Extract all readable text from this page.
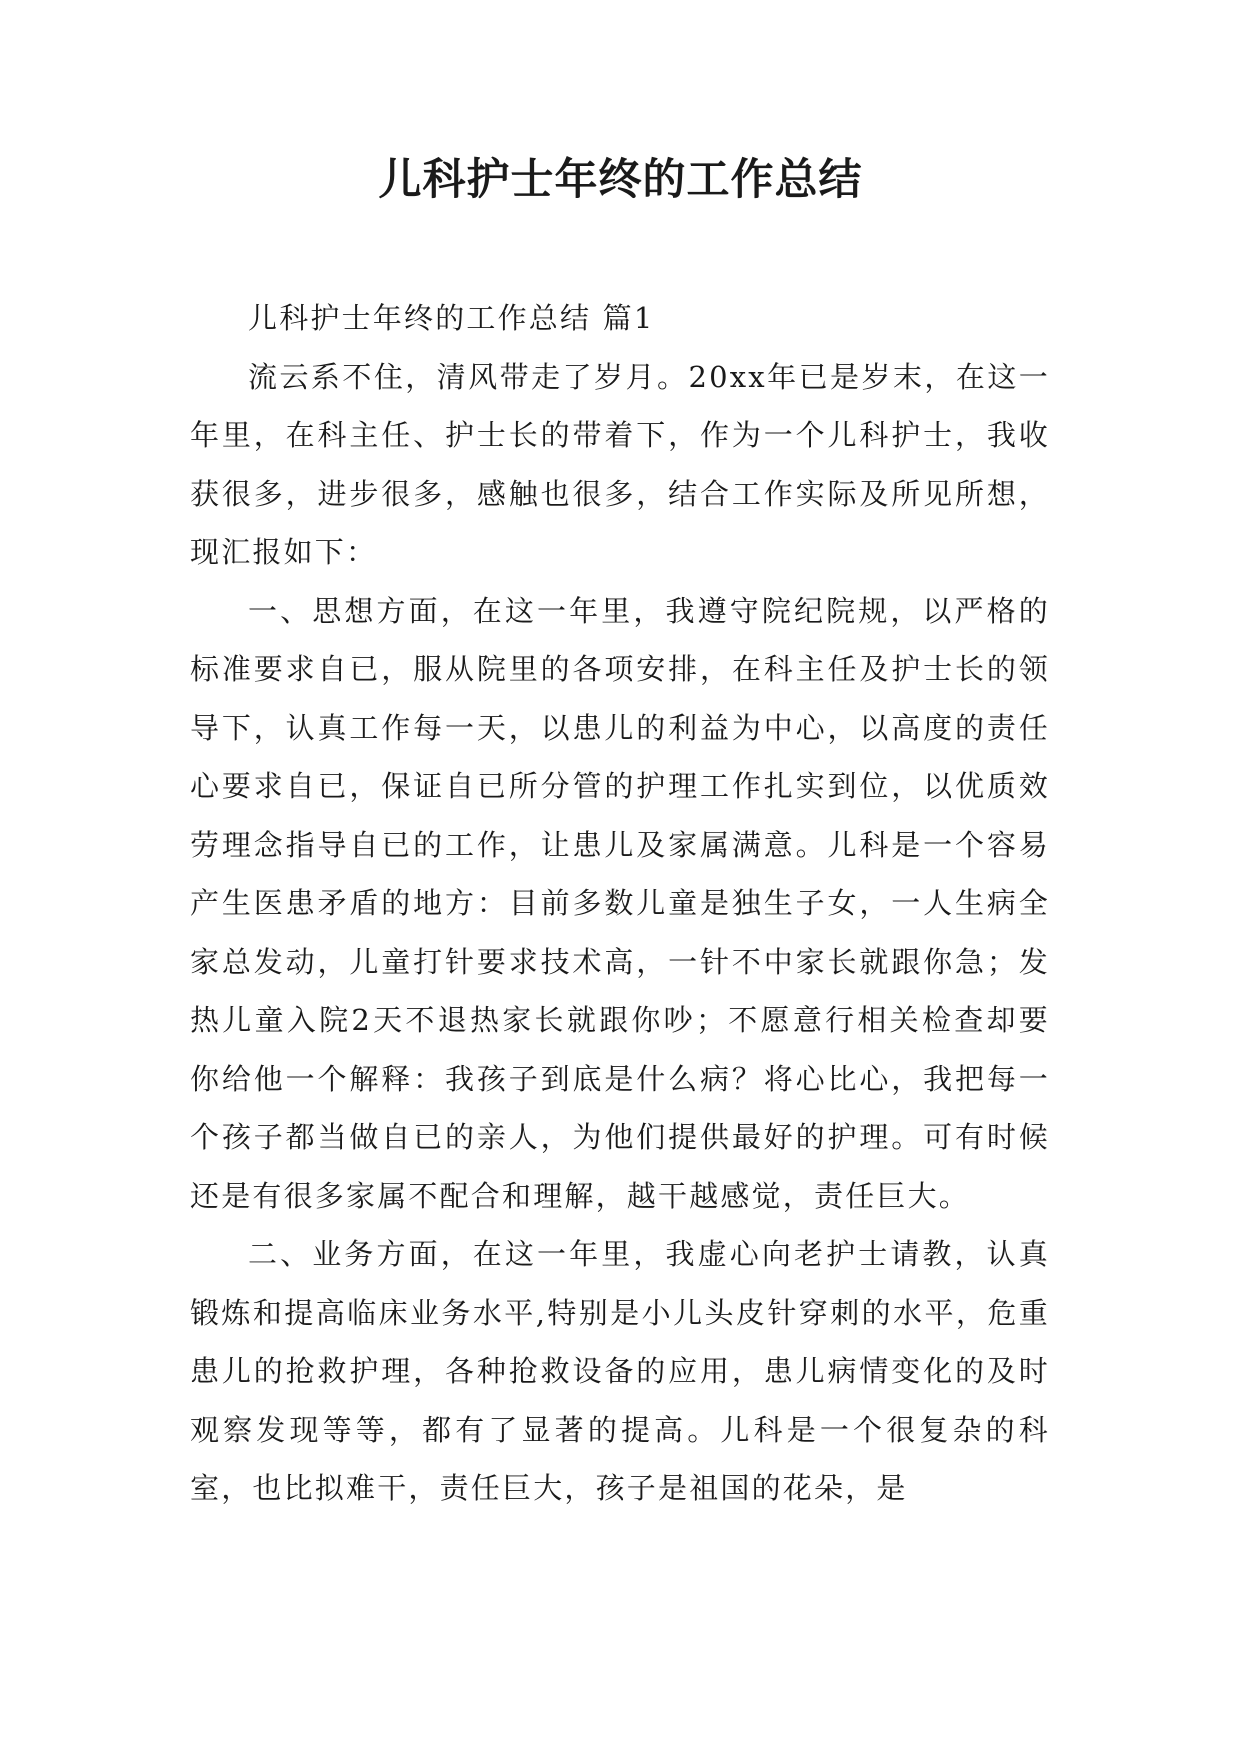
儿科护士年终的工作总结

儿科护士年终的工作总结 篇1

流云系不住，清风带走了岁月。20xx年已是岁末，在这一年里，在科主任、护士长的带着下，作为一个儿科护士，我收获很多，进步很多，感触也很多，结合工作实际及所见所想，现汇报如下：

一、思想方面，在这一年里，我遵守院纪院规，以严格的标准要求自已，服从院里的各项安排，在科主任及护士长的领导下，认真工作每一天，以患儿的利益为中心，以高度的责任心要求自已，保证自已所分管的护理工作扎实到位，以优质效劳理念指导自已的工作，让患儿及家属满意。儿科是一个容易产生医患矛盾的地方：目前多数儿童是独生子女，一人生病全家总发动，儿童打针要求技术高，一针不中家长就跟你急；发热儿童入院2天不退热家长就跟你吵；不愿意行相关检查却要你给他一个解释：我孩子到底是什么病？将心比心，我把每一个孩子都当做自已的亲人，为他们提供最好的护理。可有时候还是有很多家属不配合和理解，越干越感觉，责任巨大。

二、业务方面，在这一年里，我虚心向老护士请教，认真锻炼和提高临床业务水平,特别是小儿头皮针穿刺的水平，危重患儿的抢救护理，各种抢救设备的应用，患儿病情变化的及时观察发现等等，都有了显著的提高。儿科是一个很复杂的科室，也比拟难干，责任巨大，孩子是祖国的花朵，是
